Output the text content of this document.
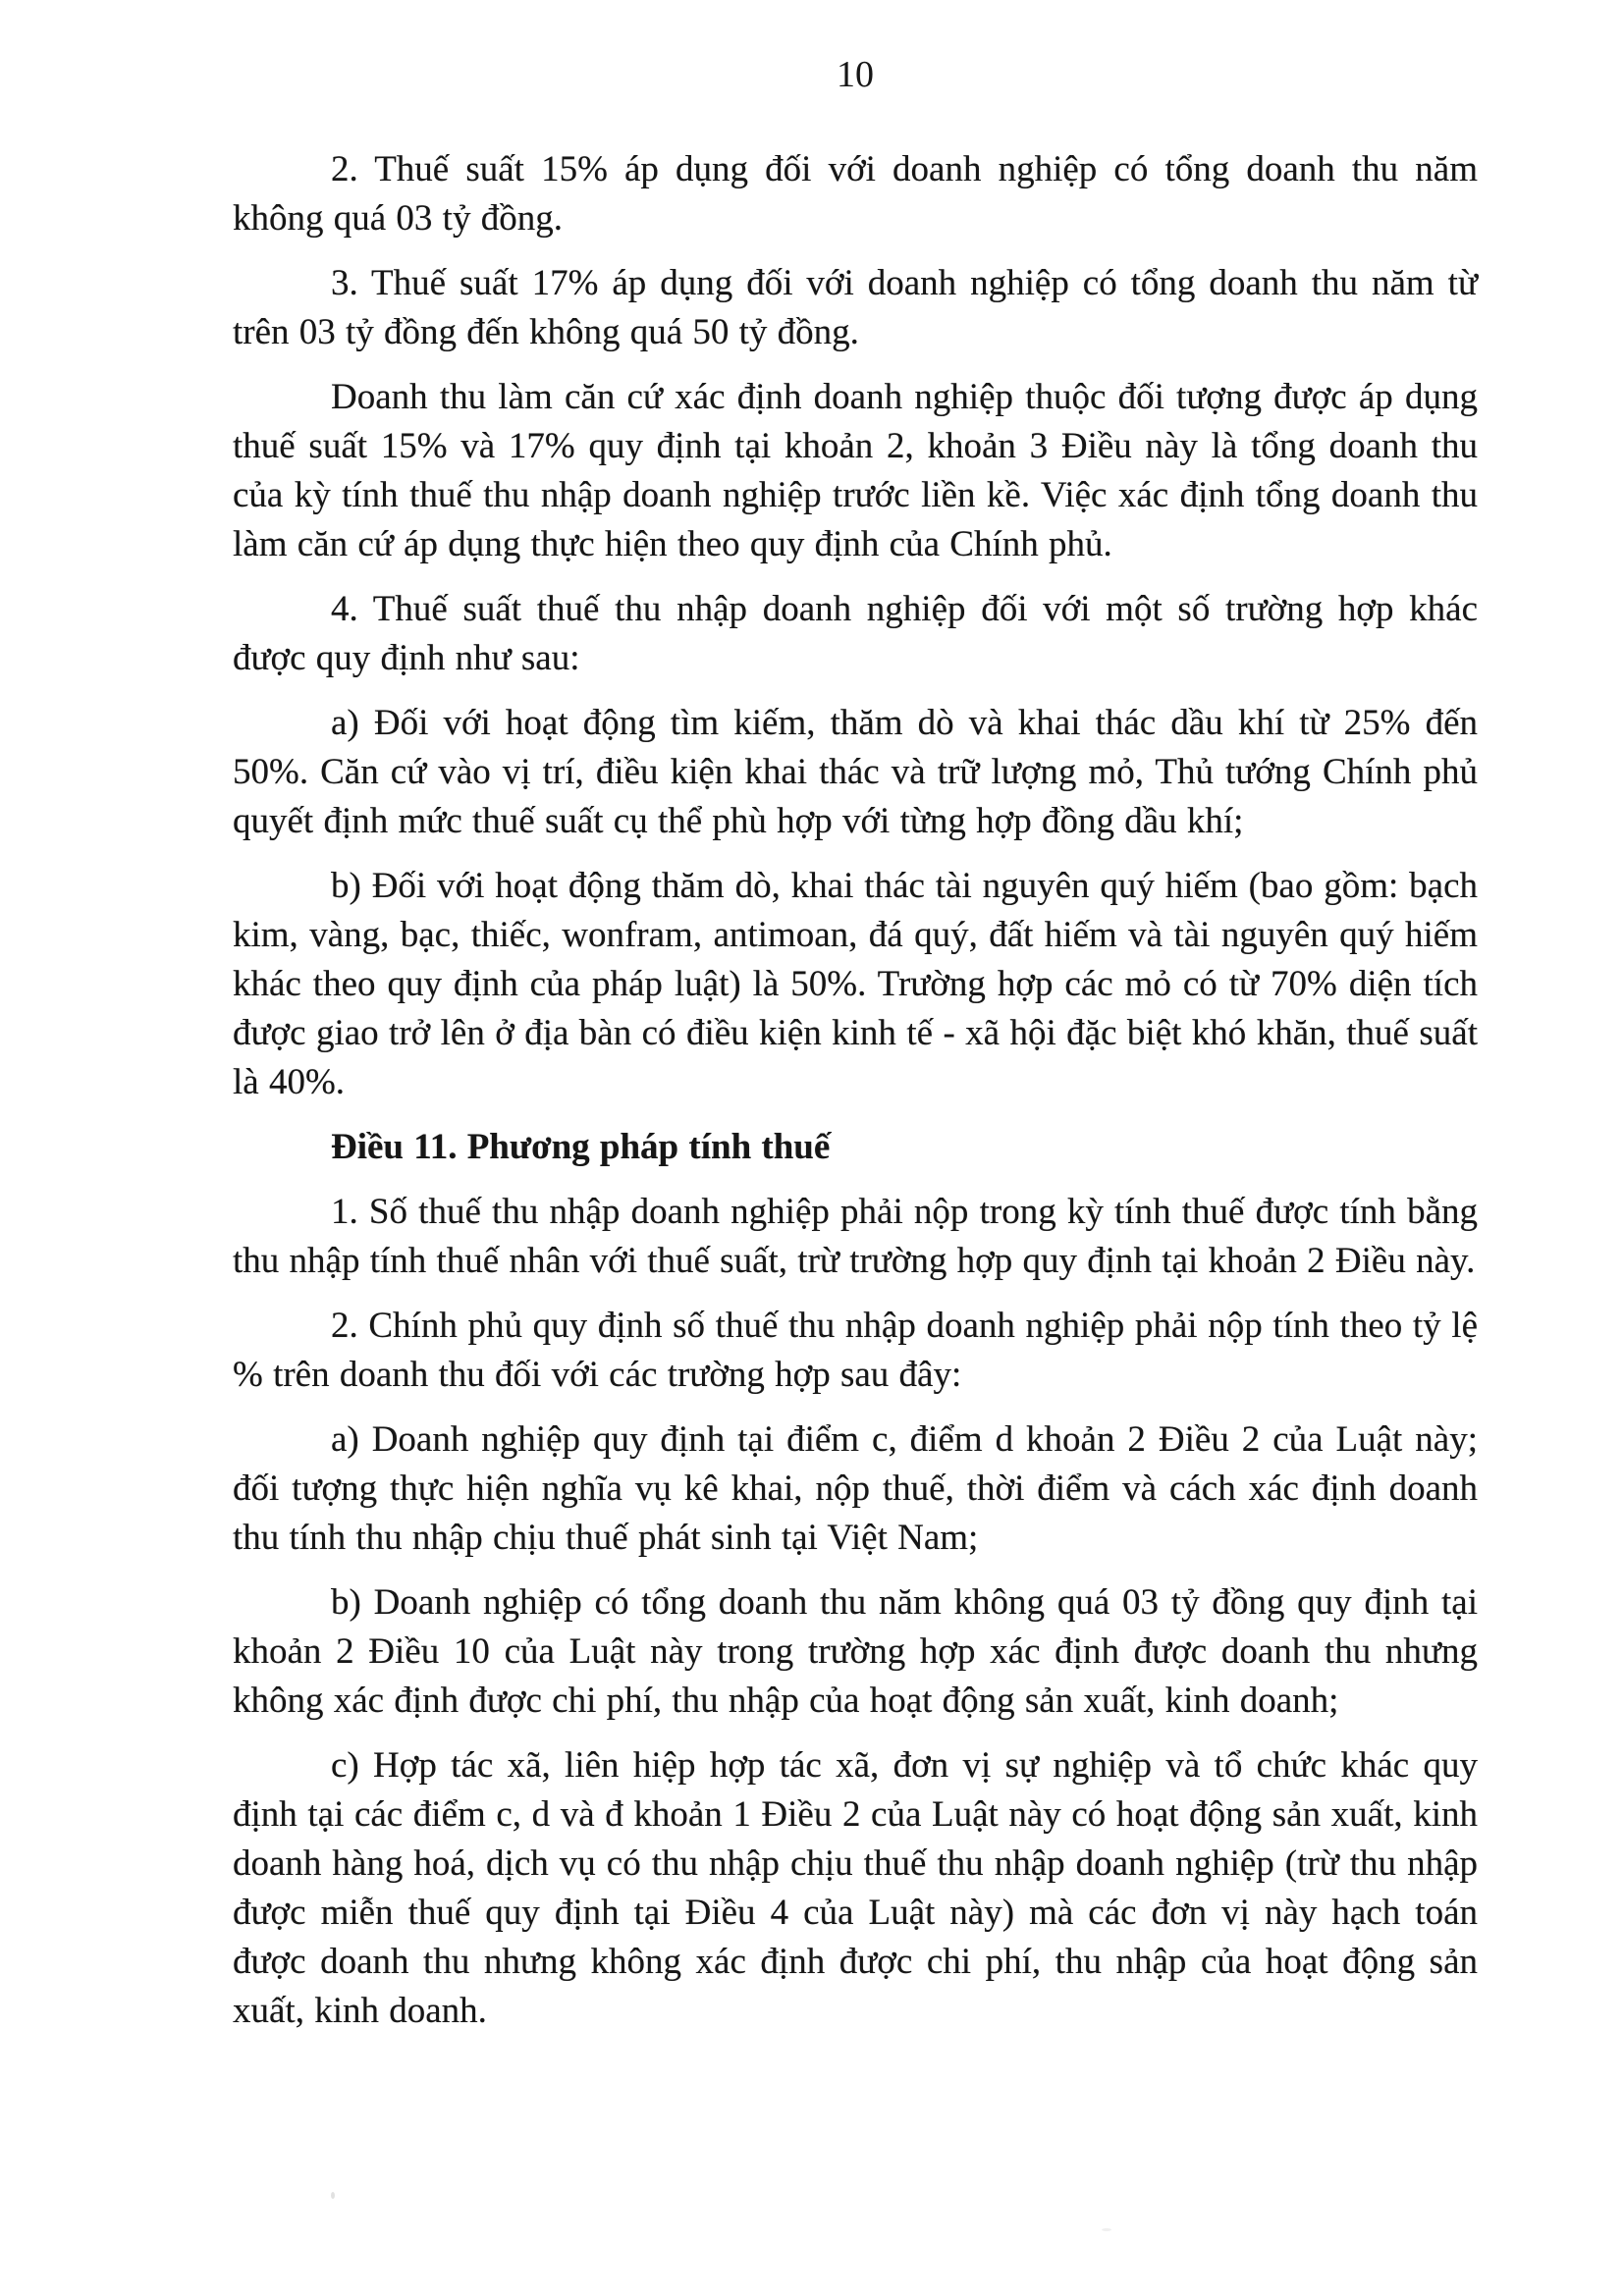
10

2. Thuế suất 15% áp dụng đối với doanh nghiệp có tổng doanh thu năm không quá 03 tỷ đồng.

3. Thuế suất 17% áp dụng đối với doanh nghiệp có tổng doanh thu năm từ trên 03 tỷ đồng đến không quá 50 tỷ đồng.

Doanh thu làm căn cứ xác định doanh nghiệp thuộc đối tượng được áp dụng thuế suất 15% và 17% quy định tại khoản 2, khoản 3 Điều này là tổng doanh thu của kỳ tính thuế thu nhập doanh nghiệp trước liền kề. Việc xác định tổng doanh thu làm căn cứ áp dụng thực hiện theo quy định của Chính phủ.

4. Thuế suất thuế thu nhập doanh nghiệp đối với một số trường hợp khác được quy định như sau:

a) Đối với hoạt động tìm kiếm, thăm dò và khai thác dầu khí từ 25% đến 50%. Căn cứ vào vị trí, điều kiện khai thác và trữ lượng mỏ, Thủ tướng Chính phủ quyết định mức thuế suất cụ thể phù hợp với từng hợp đồng dầu khí;

b) Đối với hoạt động thăm dò, khai thác tài nguyên quý hiếm (bao gồm: bạch kim, vàng, bạc, thiếc, wonfram, antimoan, đá quý, đất hiếm và tài nguyên quý hiếm khác theo quy định của pháp luật) là 50%. Trường hợp các mỏ có từ 70% diện tích được giao trở lên ở địa bàn có điều kiện kinh tế - xã hội đặc biệt khó khăn, thuế suất là 40%.

Điều 11. Phương pháp tính thuế

1. Số thuế thu nhập doanh nghiệp phải nộp trong kỳ tính thuế được tính bằng thu nhập tính thuế nhân với thuế suất, trừ trường hợp quy định tại khoản 2 Điều này.

2. Chính phủ quy định số thuế thu nhập doanh nghiệp phải nộp tính theo tỷ lệ % trên doanh thu đối với các trường hợp sau đây:

a) Doanh nghiệp quy định tại điểm c, điểm d khoản 2 Điều 2 của Luật này; đối tượng thực hiện nghĩa vụ kê khai, nộp thuế, thời điểm và cách xác định doanh thu tính thu nhập chịu thuế phát sinh tại Việt Nam;

b) Doanh nghiệp có tổng doanh thu năm không quá 03 tỷ đồng quy định tại khoản 2 Điều 10 của Luật này trong trường hợp xác định được doanh thu nhưng không xác định được chi phí, thu nhập của hoạt động sản xuất, kinh doanh;

c) Hợp tác xã, liên hiệp hợp tác xã, đơn vị sự nghiệp và tổ chức khác quy định tại các điểm c, d và đ khoản 1 Điều 2 của Luật này có hoạt động sản xuất, kinh doanh hàng hoá, dịch vụ có thu nhập chịu thuế thu nhập doanh nghiệp (trừ thu nhập được miễn thuế quy định tại Điều 4 của Luật này) mà các đơn vị này hạch toán được doanh thu nhưng không xác định được chi phí, thu nhập của hoạt động sản xuất, kinh doanh.
